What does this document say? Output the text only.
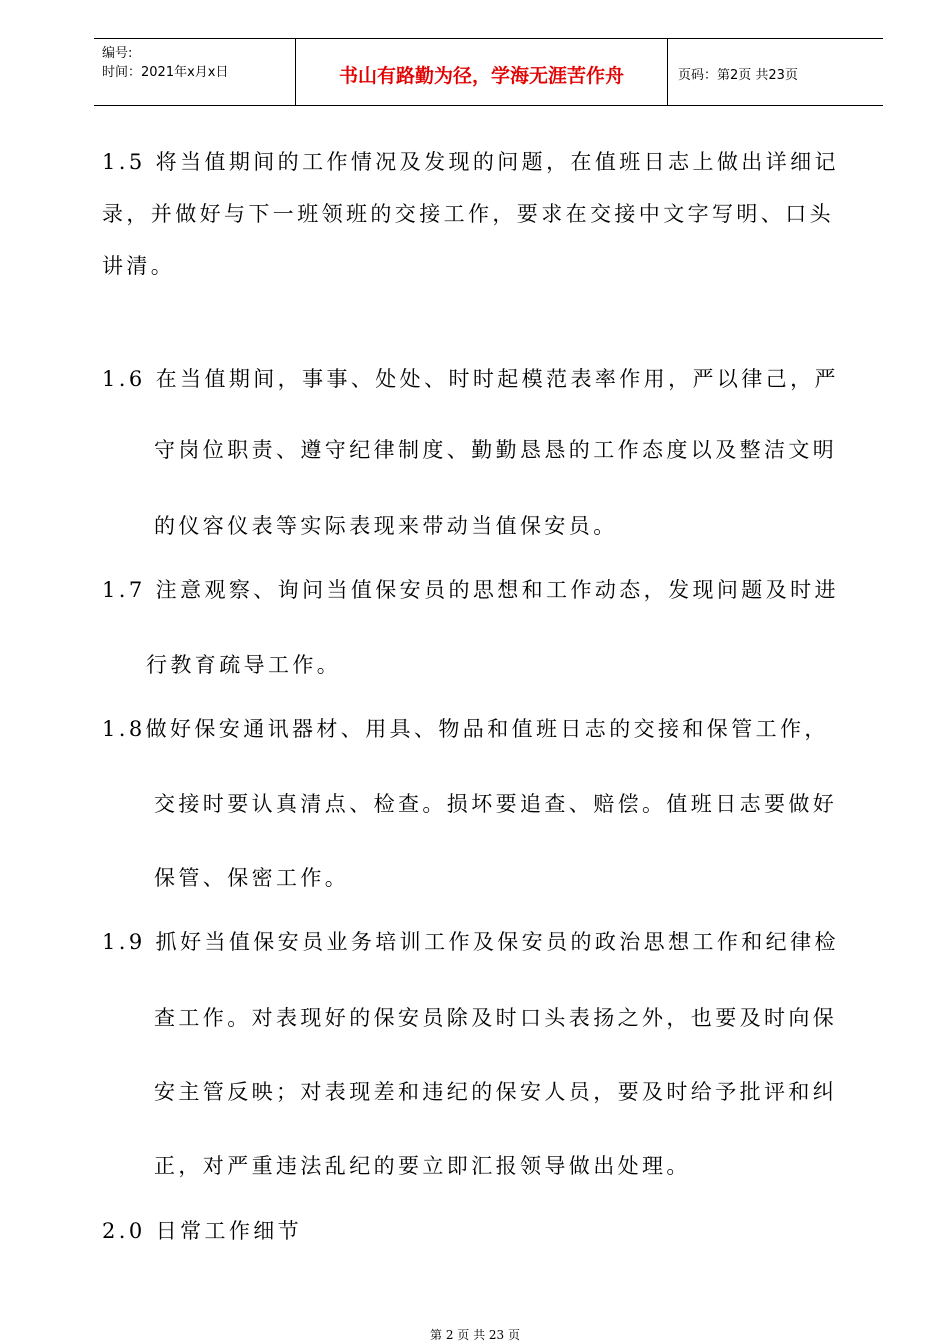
编号:
时间：2021年x月x日	书山有路勤为径，学海无涯苦作舟	页码：第2页 共23页
1.5 将当值期间的工作情况及发现的问题，在值班日志上做出详细记
录，并做好与下一班领班的交接工作，要求在交接中文字写明、口头
讲清。
1.6 在当值期间，事事、处处、时时起模范表率作用，严以律己，严
守岗位职责、遵守纪律制度、勤勤恳恳的工作态度以及整洁文明
的仪容仪表等实际表现来带动当值保安员。
1.7 注意观察、询问当值保安员的思想和工作动态，发现问题及时进
行教育疏导工作。
1.8做好保安通讯器材、用具、物品和值班日志的交接和保管工作，
交接时要认真清点、检查。损坏要追查、赔偿。值班日志要做好
保管、保密工作。
1.9 抓好当值保安员业务培训工作及保安员的政治思想工作和纪律检
查工作。对表现好的保安员除及时口头表扬之外，也要及时向保
安主管反映；对表现差和违纪的保安人员，要及时给予批评和纠
正，对严重违法乱纪的要立即汇报领导做出处理。
2.0 日常工作细节
第 2 页 共 23 页
